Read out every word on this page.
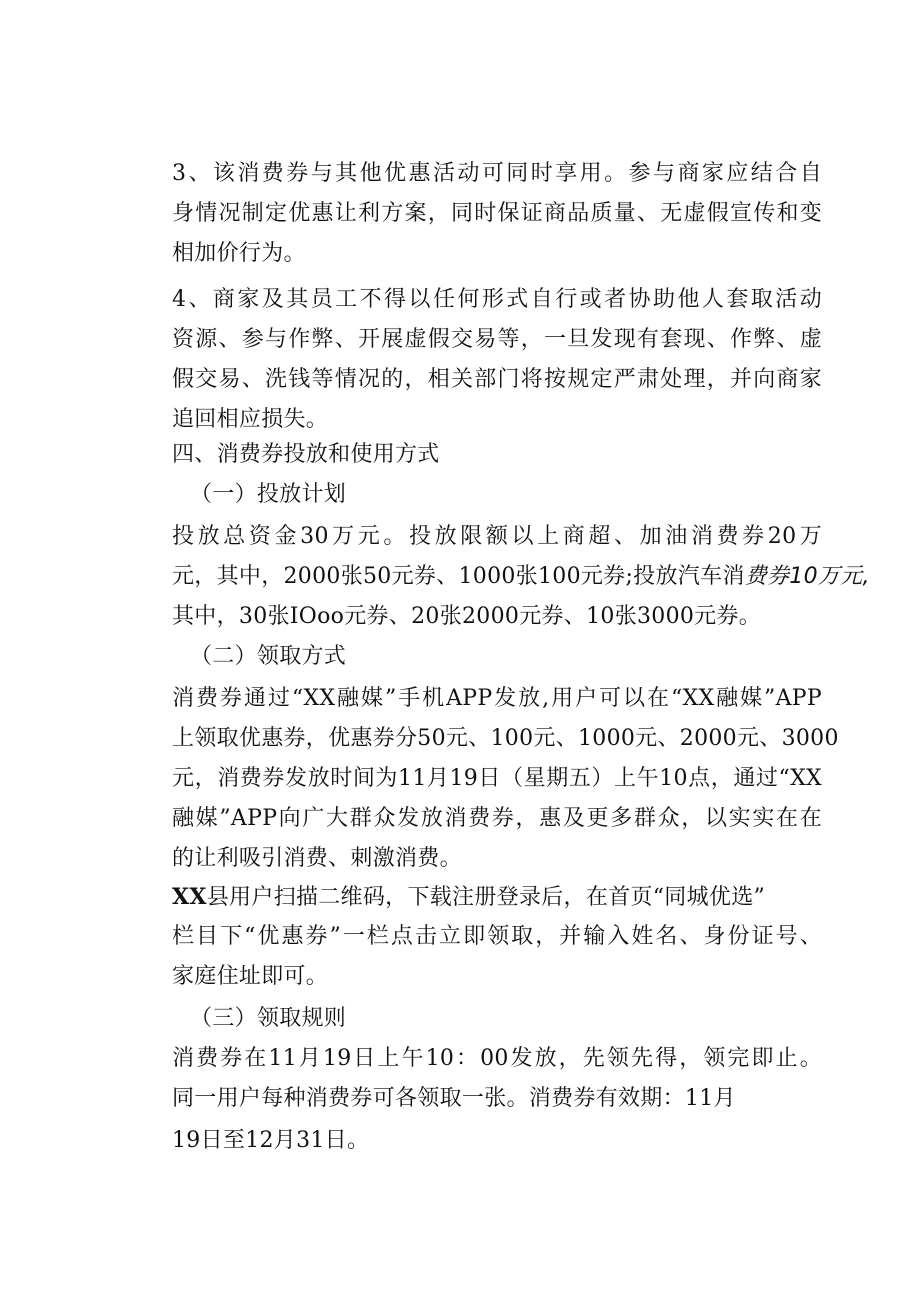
3、该消费券与其他优惠活动可同时享用。参与商家应结合自
身情况制定优惠让利方案，同时保证商品质量、无虚假宣传和变
相加价行为。
4、商家及其员工不得以任何形式自行或者协助他人套取活动
资源、参与作弊、开展虚假交易等，一旦发现有套现、作弊、虚
假交易、洗钱等情况的，相关部门将按规定严肃处理，并向商家
追回相应损失。
四、消费券投放和使用方式
（一）投放计划
投放总资金30万元。投放限额以上商超、加油消费券20万
元，其中，2000张50元券、1000张100元券;投放汽车消费券10万元,
其中，30张IOoo元券、20张2000元券、10张3000元券。
（二）领取方式
消费券通过“XX融媒”手机APP发放,用户可以在“XX融媒”APP
上领取优惠券，优惠券分50元、100元、1000元、2000元、3000
元，消费券发放时间为11月19日（星期五）上午10点，通过“XX
融媒”APP向广大群众发放消费券，惠及更多群众，以实实在在
的让利吸引消费、刺激消费。
XX县用户扫描二维码，下载注册登录后，在首页“同城优选”
栏目下“优惠券”一栏点击立即领取，并输入姓名、身份证号、
家庭住址即可。
（三）领取规则
消费券在11月19日上午10：00发放，先领先得，领完即止。
同一用户每种消费券可各领取一张。消费券有效期：11月
19日至12月31日。
